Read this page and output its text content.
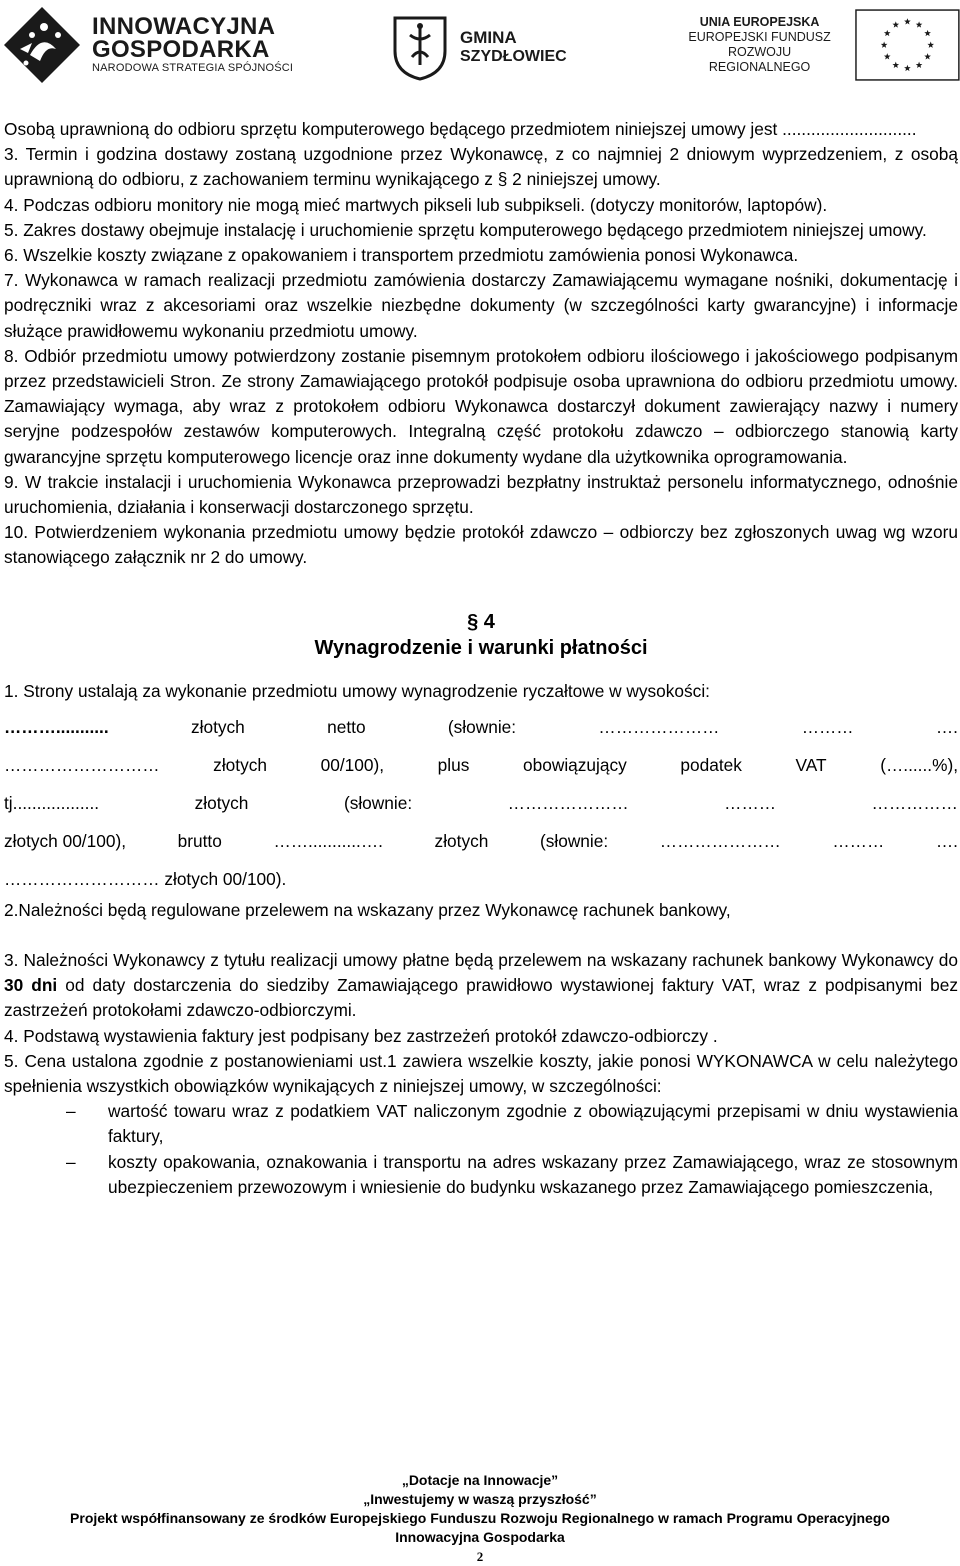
INNOWACYJNA
GOSPODARKA
NARODOWA STRATEGIA SPÓJNOŚCI
GMINA
SZYDŁOWIEC
UNIA EUROPEJSKA
EUROPEJSKI FUNDUSZ
ROZWOJU REGIONALNEGO

Osobą uprawnioną do odbioru sprzętu komputerowego będącego przedmiotem niniejszej umowy jest ............................

3. Termin i godzina dostawy zostaną uzgodnione przez Wykonawcę, z co najmniej 2 dniowym wyprzedzeniem, z osobą uprawnioną do odbioru, z zachowaniem terminu wynikającego z § 2 niniejszej umowy.

4. Podczas odbioru monitory nie mogą mieć martwych pikseli lub subpikseli. (dotyczy monitorów, laptopów).

5. Zakres dostawy obejmuje instalację i uruchomienie sprzętu komputerowego będącego przedmiotem niniejszej umowy.

6. Wszelkie koszty związane z opakowaniem i transportem przedmiotu zamówienia ponosi Wykonawca.

7. Wykonawca w ramach realizacji przedmiotu zamówienia dostarczy Zamawiającemu wymagane nośniki, dokumentację i podręczniki wraz z akcesoriami oraz wszelkie niezbędne dokumenty (w szczególności karty gwarancyjne) i informacje służące prawidłowemu wykonaniu przedmiotu umowy.

8. Odbiór przedmiotu umowy potwierdzony zostanie pisemnym protokołem odbioru ilościowego i jakościowego podpisanym przez przedstawicieli Stron. Ze strony Zamawiającego protokół podpisuje osoba uprawniona do odbioru przedmiotu umowy. Zamawiający wymaga, aby wraz z protokołem odbioru Wykonawca dostarczył dokument zawierający nazwy i numery seryjne podzespołów zestawów komputerowych. Integralną część protokołu zdawczo – odbiorczego stanowią karty gwarancyjne sprzętu komputerowego licencje oraz inne dokumenty wydane dla użytkownika oprogramowania.

9. W trakcie instalacji i uruchomienia Wykonawca przeprowadzi bezpłatny instruktaż personelu informatycznego, odnośnie uruchomienia, działania i konserwacji dostarczonego sprzętu.

10. Potwierdzeniem wykonania przedmiotu umowy będzie protokół zdawczo – odbiorczy bez zgłoszonych uwag wg wzoru stanowiącego załącznik nr 2 do umowy.

§ 4

Wynagrodzenie i warunki płatności

1. Strony ustalają za wykonanie przedmiotu umowy wynagrodzenie ryczałtowe w wysokości:

………...........	złotych	netto	(słownie:	…………………	………	….
………………………	złotych	00/100),	plus	obowiązujący	podatek	VAT	(…......%),
tj..................	złotych	(słownie:	…………………	………	……………
złotych 00/100),	brutto	……...........….	złotych	(słownie:	…………………	………	….

……………………… złotych 00/100).

2.Należności będą regulowane przelewem na wskazany przez Wykonawcę rachunek bankowy,

3. Należności Wykonawcy z tytułu realizacji umowy płatne będą przelewem na wskazany rachunek bankowy Wykonawcy do 30 dni od daty dostarczenia do siedziby Zamawiającego prawidłowo wystawionej faktury VAT, wraz z podpisanymi bez zastrzeżeń protokołami zdawczo-odbiorczymi.

4. Podstawą wystawienia faktury jest podpisany bez zastrzeżeń protokół zdawczo-odbiorczy .

5. Cena ustalona zgodnie z postanowieniami ust.1 zawiera wszelkie koszty, jakie ponosi WYKONAWCA w celu należytego spełnienia wszystkich obowiązków wynikających z niniejszej umowy, w szczególności:

–	wartość towaru wraz z podatkiem VAT naliczonym zgodnie z obowiązującymi przepisami w dniu wystawienia faktury,
–	koszty opakowania, oznakowania i transportu na adres wskazany przez Zamawiającego, wraz ze stosownym ubezpieczeniem przewozowym i wniesienie do budynku wskazanego przez Zamawiającego pomieszczenia,
„Dotacje na Innowacje”
„Inwestujemy w waszą przyszłość”
Projekt współfinansowany ze środków Europejskiego Funduszu Rozwoju Regionalnego w ramach Programu Operacyjnego
Innowacyjna Gospodarka
2
